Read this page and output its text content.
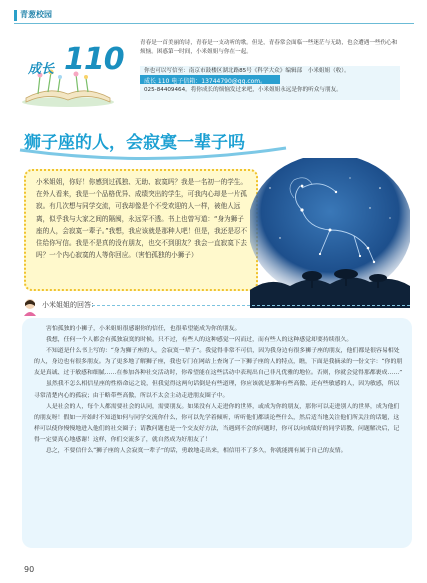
青葱校园
成长 110	青春是一首美丽的诗，青春是一支动听的歌。但是，青春常会面临一些迷茫与无助，也会遭遇一些伤心和烦恼。困惑第一时间，小米姐姐与你在一起。
你也可以写信至：南京市鼓楼区湖北路85号《科学大众》编辑部　小米姐姐（收）。
成长 110 电子信箱：13744790@qq.com。
025-84409464。将你成长的烦恼发过来吧，小米姐姐永远是你的听众与朋友。
狮子座的人，会寂寞一辈子吗
小米姐姐，你好！你感到过孤独、无助、寂寞吗？我是一名初一的学生。在外人看来，我是一个品格优异、成绩突出的学生，可我内心却是一片孤寂。有几次想与同学交流，可我却像是个不受欢迎的人一样，被他人远离，似乎我与大家之间的隔阂，永远穿不透。书上也曾写道：“身为狮子座的人，会寂寞一辈子。”我想，我应该就是那种人吧！但是，我还是忍不住给你写信。我是不是真的没有朋友，也交不到朋友？我会一直寂寞下去吗？一个内心寂寞的人等你回应。（害怕孤独的小狮子）
小米姐姐的回答：

害怕孤独的小狮子，小米姐姐很感谢你的信任，也很希望能成为你的朋友。

我想，任何一个人都会有孤独寂寞的时候。只不过，有些人的这种感觉一闪而过，而有些人的这种感觉却要持续很久。

不知道是什么书上写的：“身为狮子座的人，会寂寞一辈子”。我觉得非常不可信，因为我身边有很多狮子座的朋友，他们都是很容易相处的人，身边也有很多朋友。为了更多地了解狮子座，我也专门在网站上查询了一下狮子座的人的特点，瞧，下面是我摘录的一份文字：“你的朋友是真诚、过于敏感和细腻……在参加各种社交活动时，你希望能在这些活动中表现出自己非凡优雅的地位。否则，你就会觉得那都裹成……”

虽然我不怎么相信星座的性格命运之说，但我觉得这两句话倒是有些道理，你应该就是那种有些高傲、还有些敏感的人，因为敏感，所以寻常清楚内心的孤寂；由于略带些高傲，所以不太会主动走进朋友圈子中。

人是社会的人，每个人都需要社会的认同，需要朋友。如果没有人走进你的世界，或成为你的朋友，那你可以走进别人的世界，成为他们的朋友呀！假如一开始时不知道如何与同学交流你什么，你可以先学着倾听，听听他们都谈论些什么，然后适当地关注他们所关注的话题，这样可以使你慢慢地进入他们的社交圈子；请教问题也是一个交友好方法，当遇到不会的问题时，你可以向成绩好的同学请教，问题解决后，记得一定要真心地感谢！这样，你们交流多了，就自然成为好朋友了！

总之，不要信什么“狮子座的人会寂寞一辈子”的话，勇敢地走出来，相信用不了多久，你就能拥有属于自己的友情。

90
